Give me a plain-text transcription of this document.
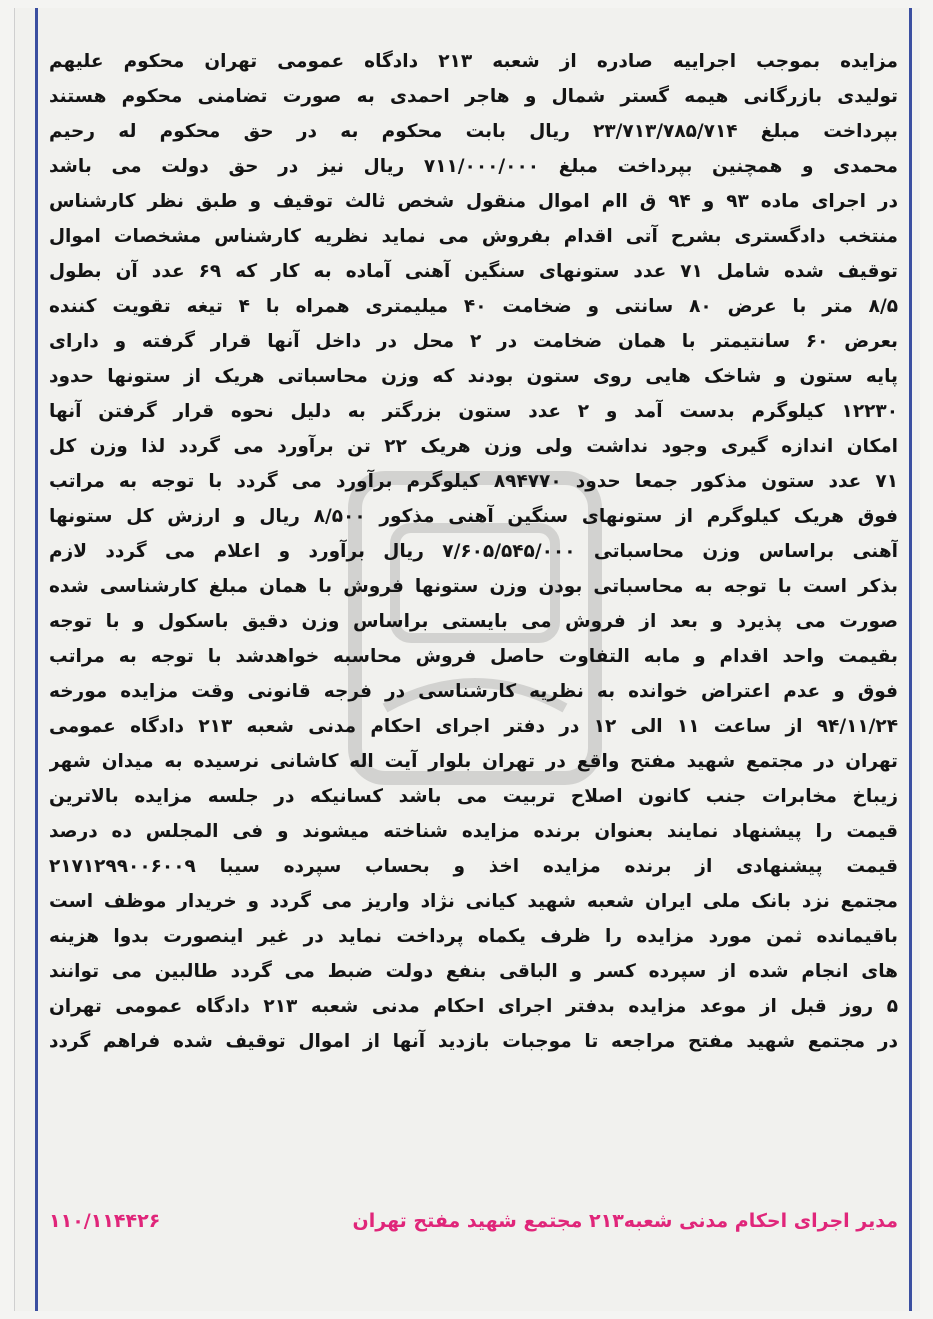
مزایده بموجب اجراییه صادره از شعبه ۲۱۳ دادگاه عمومی تهران محکوم علیهم
تولیدی بازرگانی هیمه گستر شمال و هاجر احمدی به صورت تضامنی محکوم هستند
بپرداخت مبلغ ۲۳/۷۱۳/۷۸۵/۷۱۴ ریال بابت محکوم به در حق محکوم له رحیم
محمدی و همچنین بپرداخت مبلغ ۷۱۱/۰۰۰/۰۰۰ ریال نیز در حق دولت می باشد
در اجرای ماده ۹۳ و ۹۴ ق اام اموال منقول شخص ثالث توقیف و طبق نظر کارشناس
منتخب دادگستری بشرح آتی اقدام بفروش می نماید نظریه کارشناس مشخصات اموال
توقیف شده شامل ۷۱ عدد ستونهای سنگین آهنی آماده به کار که ۶۹ عدد آن بطول
۸/۵ متر با عرض ۸۰ سانتی و ضخامت ۴۰ میلیمتری همراه با ۴ تیغه تقویت کننده
بعرض ۶۰ سانتیمتر با همان ضخامت در ۲ محل در داخل آنها قرار گرفته و دارای
پایه ستون و شاخک هایی روی ستون بودند که وزن محاسباتی هریک از ستونها حدود
۱۲۲۳۰ کیلوگرم بدست آمد و ۲ عدد ستون بزرگتر به دلیل نحوه قرار گرفتن آنها
امکان اندازه گیری وجود نداشت ولی وزن هریک ۲۲ تن برآورد می گردد لذا وزن کل
۷۱ عدد ستون مذکور جمعا حدود ۸۹۴۷۷۰ کیلوگرم برآورد می گردد با توجه به مراتب
فوق هریک کیلوگرم از ستونهای سنگین آهنی مذکور ۸/۵۰۰ ریال و ارزش کل ستونها
آهنی براساس وزن محاسباتی ۷/۶۰۵/۵۴۵/۰۰۰ ریال برآورد و اعلام می گردد لازم
بذکر است با توجه به محاسباتی بودن وزن ستونها فروش با همان مبلغ کارشناسی شده
صورت می پذیرد و بعد از فروش می بایستی براساس وزن دقیق باسکول و با توجه
بقیمت واحد اقدام و مابه التفاوت حاصل فروش محاسبه خواهدشد با توجه به مراتب
فوق و عدم اعتراض خوانده به نظریه کارشناسی در فرجه قانونی وقت مزایده مورخه
۹۴/۱۱/۲۴ از ساعت ۱۱ الی ۱۲ در دفتر اجرای احکام مدنی شعبه ۲۱۳ دادگاه عمومی
تهران در مجتمع شهید مفتح واقع در تهران بلوار آیت اله کاشانی نرسیده به میدان شهر
زیباخ مخابرات جنب کانون اصلاح تربیت می باشد کسانیکه در جلسه مزایده بالاترین
قیمت را پیشنهاد نمایند بعنوان برنده مزایده شناخته میشوند و فی المجلس ده درصد
قیمت پیشنهادی از برنده مزایده اخذ و بحساب سپرده سیبا ۲۱۷۱۲۹۹۰۰۶۰۰۹
مجتمع نزد بانک ملی ایران شعبه شهید کیانی نژاد واریز می گردد و خریدار موظف است
باقیمانده ثمن مورد مزایده را ظرف یکماه پرداخت نماید در غیر اینصورت بدوا هزینه
های انجام شده از سپرده کسر و الباقی بنفع دولت ضبط می گردد طالبین می توانند
۵ روز قبل از موعد مزایده بدفتر اجرای احکام مدنی شعبه ۲۱۳ دادگاه عمومی تهران
در مجتمع شهید مفتح مراجعه تا موجبات بازدید آنها از اموال توقیف شده فراهم گردد
مدیر اجرای احکام مدنی شعبه۲۱۳ مجتمع شهید مفتح تهران
۱۱۰/۱۱۴۴۲۶
